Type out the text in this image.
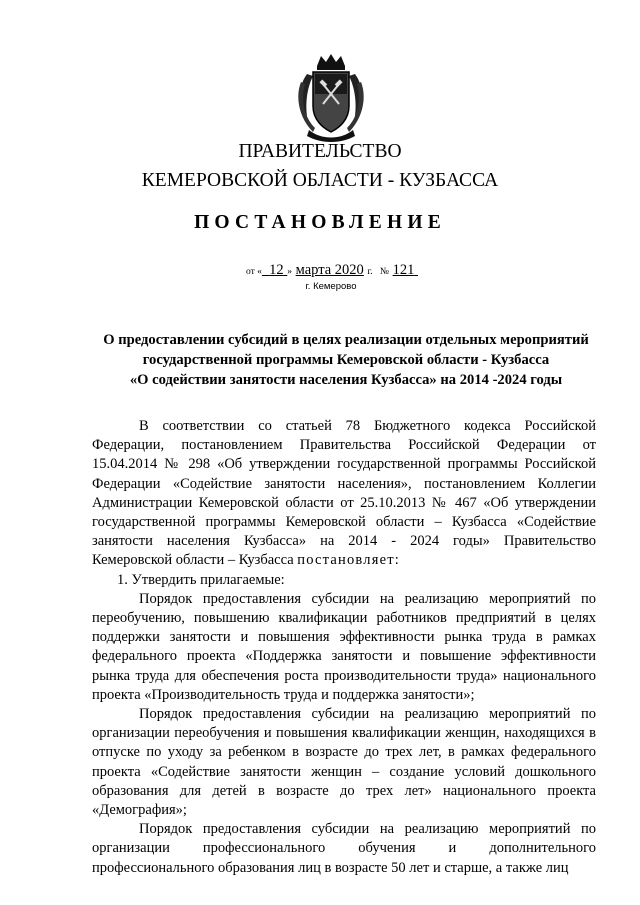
ПРАВИТЕЛЬСТВО
КЕМЕРОВСКОЙ ОБЛАСТИ - КУЗБАССА
ПОСТАНОВЛЕНИЕ
от « 12 » марта 2020 г. № 121
г. Кемерово
О предоставлении субсидий в целях реализации отдельных мероприятий
государственной программы Кемеровской области - Кузбасса
«О содействии занятости населения Кузбасса» на 2014 -2024 годы

В соответствии со статьей 78 Бюджетного кодекса Российской Федерации, постановлением Правительства Российской Федерации от 15.04.2014 № 298 «Об утверждении государственной программы Российской Федерации «Содействие занятости населения», постановлением Коллегии Администрации Кемеровской области от 25.10.2013 № 467 «Об утверждении государственной программы Кемеровской области – Кузбасса «Содействие занятости населения Кузбасса» на 2014 - 2024 годы» Правительство Кемеровской области – Кузбасса постановляет:

1. Утвердить прилагаемые:

Порядок предоставления субсидии на реализацию мероприятий по переобучению, повышению квалификации работников предприятий в целях поддержки занятости и повышения эффективности рынка труда в рамках федерального проекта «Поддержка занятости и повышение эффективности рынка труда для обеспечения роста производительности труда» национального проекта «Производительность труда и поддержка занятости»;

Порядок предоставления субсидии на реализацию мероприятий по организации переобучения и повышения квалификации женщин, находящихся в отпуске по уходу за ребенком в возрасте до трех лет, в рамках федерального проекта «Содействие занятости женщин – создание условий дошкольного образования для детей в возрасте до трех лет» национального проекта «Демография»;

Порядок предоставления субсидии на реализацию мероприятий по организации профессионального обучения и дополнительного профессионального образования лиц в возрасте 50 лет и старше, а также лиц
